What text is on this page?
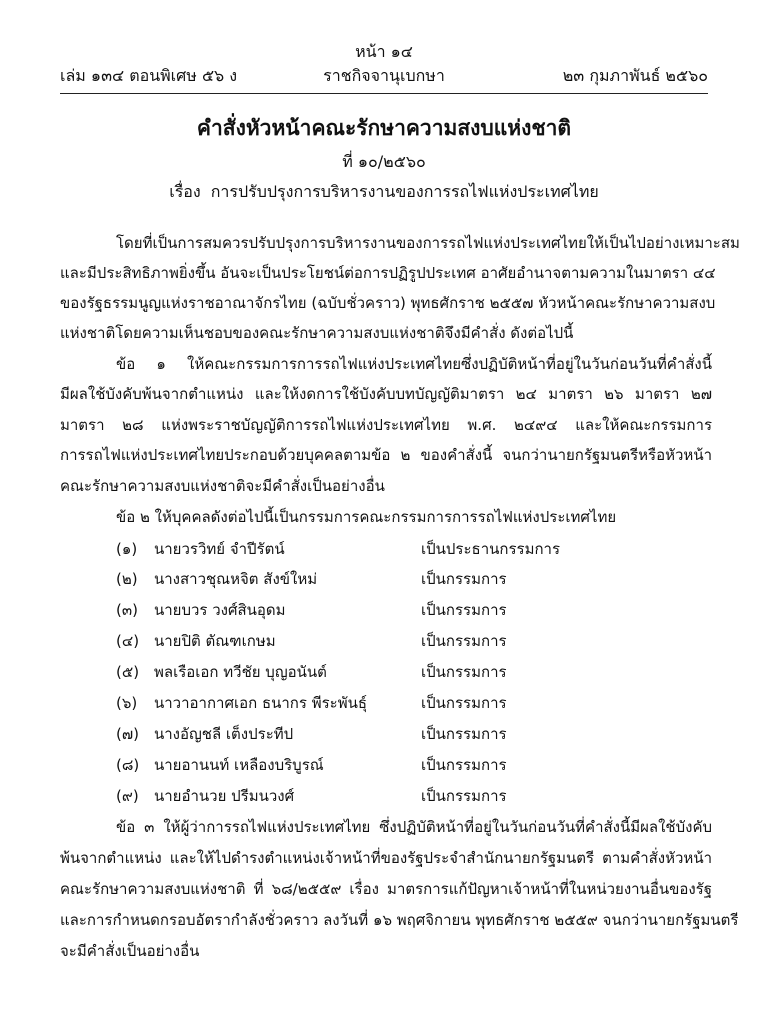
หน้า ๑๔
เล่ม ๑๓๔ ตอนพิเศษ ๕๖ ง	ราชกิจจานุเบกษา	๒๓ กุมภาพันธ์ ๒๕๖๐
คำสั่งหัวหน้าคณะรักษาความสงบแห่งชาติ
ที่ ๑๐/๒๕๖๐
เรื่อง การปรับปรุงการบริหารงานของการรถไฟแห่งประเทศไทย
โดยที่เป็นการสมควรปรับปรุงการบริหารงานของการรถไฟแห่งประเทศไทยให้เป็นไปอย่างเหมาะสม
และมีประสิทธิภาพยิ่งขึ้น อันจะเป็นประโยชน์ต่อการปฏิรูปประเทศ อาศัยอำนาจตามความในมาตรา ๔๔
ของรัฐธรรมนูญแห่งราชอาณาจักรไทย (ฉบับชั่วคราว) พุทธศักราช ๒๕๕๗ หัวหน้าคณะรักษาความสงบ
แห่งชาติโดยความเห็นชอบของคณะรักษาความสงบแห่งชาติจึงมีคำสั่ง ดังต่อไปนี้
ข้อ ๑ ให้คณะกรรมการการรถไฟแห่งประเทศไทยซึ่งปฏิบัติหน้าที่อยู่ในวันก่อนวันที่คำสั่งนี้
มีผลใช้บังคับพ้นจากตำแหน่ง และให้งดการใช้บังคับบทบัญญัติมาตรา ๒๔ มาตรา ๒๖ มาตรา ๒๗
มาตรา ๒๘ แห่งพระราชบัญญัติการรถไฟแห่งประเทศไทย พ.ศ. ๒๔๙๔ และให้คณะกรรมการ
การรถไฟแห่งประเทศไทยประกอบด้วยบุคคลตามข้อ ๒ ของคำสั่งนี้ จนกว่านายกรัฐมนตรีหรือหัวหน้า
คณะรักษาความสงบแห่งชาติจะมีคำสั่งเป็นอย่างอื่น
ข้อ ๒ ให้บุคคลดังต่อไปนี้เป็นกรรมการคณะกรรมการการรถไฟแห่งประเทศไทย
(๑) นายวรวิทย์ จำปีรัตน์	เป็นประธานกรรมการ
(๒) นางสาวชุณหจิต สังข์ใหม่	เป็นกรรมการ
(๓) นายบวร วงศ์สินอุดม	เป็นกรรมการ
(๔) นายปิติ ตัณฑเกษม	เป็นกรรมการ
(๕) พลเรือเอก ทวีชัย บุญอนันต์	เป็นกรรมการ
(๖) นาวาอากาศเอก ธนากร พีระพันธุ์	เป็นกรรมการ
(๗) นางอัญชลี เต็งประทีป	เป็นกรรมการ
(๘) นายอานนท์ เหลืองบริบูรณ์	เป็นกรรมการ
(๙) นายอำนวย ปรีมนวงศ์	เป็นกรรมการ
ข้อ ๓ ให้ผู้ว่าการรถไฟแห่งประเทศไทย ซึ่งปฏิบัติหน้าที่อยู่ในวันก่อนวันที่คำสั่งนี้มีผลใช้บังคับ
พ้นจากตำแหน่ง และให้ไปดำรงตำแหน่งเจ้าหน้าที่ของรัฐประจำสำนักนายกรัฐมนตรี ตามคำสั่งหัวหน้า
คณะรักษาความสงบแห่งชาติ ที่ ๖๘/๒๕๕๙ เรื่อง มาตรการแก้ปัญหาเจ้าหน้าที่ในหน่วยงานอื่นของรัฐ
และการกำหนดกรอบอัตรากำลังชั่วคราว ลงวันที่ ๑๖ พฤศจิกายน พุทธศักราช ๒๕๕๙ จนกว่านายกรัฐมนตรี
จะมีคำสั่งเป็นอย่างอื่น
